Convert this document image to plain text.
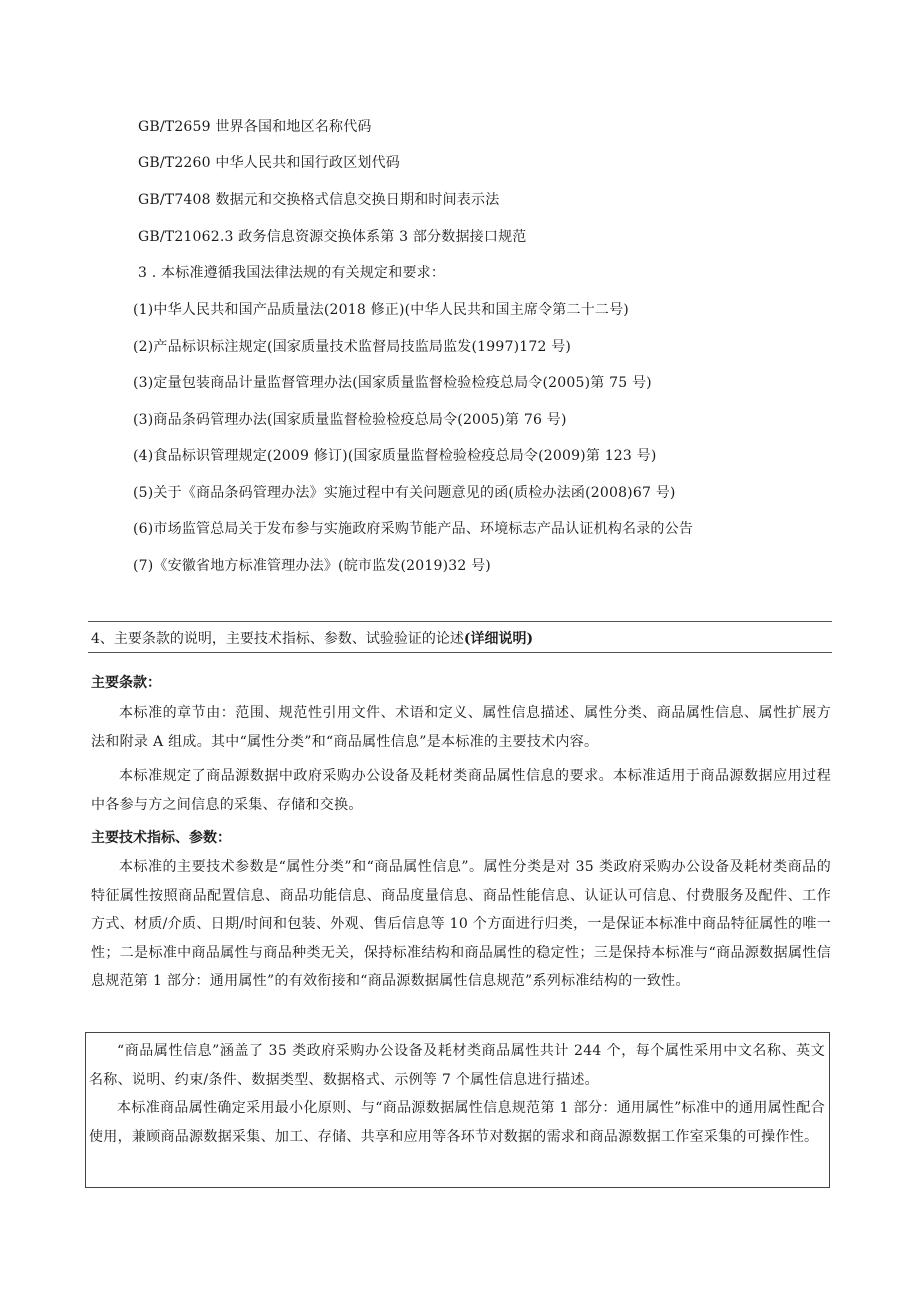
GB/T2659 世界各国和地区名称代码
GB/T2260 中华人民共和国行政区划代码
GB/T7408 数据元和交换格式信息交换日期和时间表示法
GB/T21062.3 政务信息资源交换体系第 3 部分数据接口规范
3 . 本标准遵循我国法律法规的有关规定和要求：
(1)中华人民共和国产品质量法(2018 修正)(中华人民共和国主席令第二十二号)
(2)产品标识标注规定(国家质量技术监督局技监局监发(1997)172 号)
(3)定量包装商品计量监督管理办法(国家质量监督检验检疫总局令(2005)第 75 号)
(3)商品条码管理办法(国家质量监督检验检疫总局令(2005)第 76 号)
(4)食品标识管理规定(2009 修订)(国家质量监督检验检疫总局令(2009)第 123 号)
(5)关于《商品条码管理办法》实施过程中有关问题意见的函(质检办法函(2008)67 号)
(6)市场监管总局关于发布参与实施政府采购节能产品、环境标志产品认证机构名录的公告
(7)《安徽省地方标准管理办法》(皖市监发(2019)32 号)
4、主要条款的说明，主要技术指标、参数、试验验证的论述(详细说明)
主要条款：

本标准的章节由：范围、规范性引用文件、术语和定义、属性信息描述、属性分类、商品属性信息、属性扩展方法和附录 A 组成。其中“属性分类”和“商品属性信息”是本标准的主要技术内容。

本标准规定了商品源数据中政府采购办公设备及耗材类商品属性信息的要求。本标准适用于商品源数据应用过程中各参与方之间信息的采集、存储和交换。

主要技术指标、参数：

本标准的主要技术参数是“属性分类”和“商品属性信息”。属性分类是对 35 类政府采购办公设备及耗材类商品的特征属性按照商品配置信息、商品功能信息、商品度量信息、商品性能信息、认证认可信息、付费服务及配件、工作方式、材质/介质、日期/时间和包装、外观、售后信息等 10 个方面进行归类，一是保证本标准中商品特征属性的唯一性；二是标准中商品属性与商品种类无关，保持标准结构和商品属性的稳定性；三是保持本标准与“商品源数据属性信息规范第 1 部分：通用属性”的有效衔接和“商品源数据属性信息规范”系列标准结构的一致性。

“商品属性信息”涵盖了 35 类政府采购办公设备及耗材类商品属性共计 244 个，每个属性采用中文名称、英文名称、说明、约束/条件、数据类型、数据格式、示例等 7 个属性信息进行描述。

本标准商品属性确定采用最小化原则、与“商品源数据属性信息规范第 1 部分：通用属性”标准中的通用属性配合使用，兼顾商品源数据采集、加工、存储、共享和应用等各环节对数据的需求和商品源数据工作室采集的可操作性。
